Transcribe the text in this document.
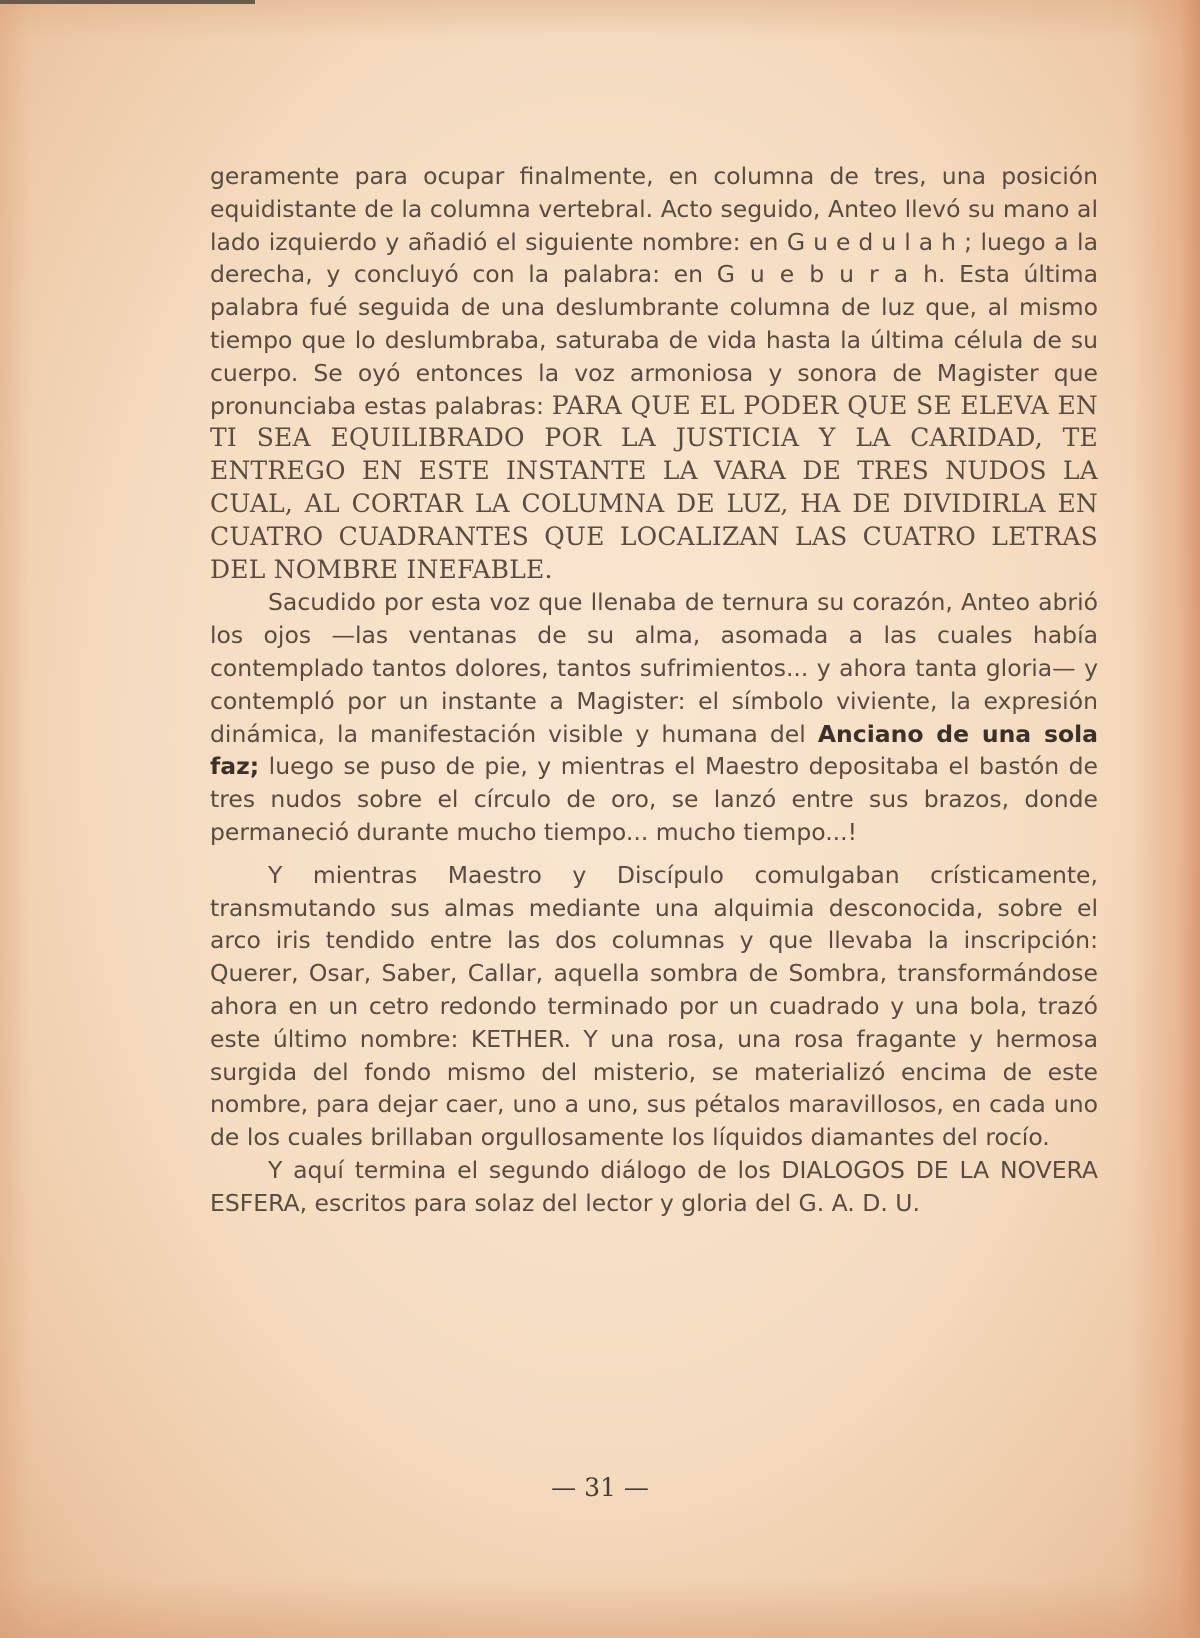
geramente para ocupar finalmente, en columna de tres, una posición equidistante de la columna vertebral. Acto seguido, Anteo llevó su mano al lado izquierdo y añadió el siguiente nombre: en Guedulah; luego a la derecha, y concluyó con la palabra: en Gueburah. Esta última palabra fué seguida de una deslumbrante columna de luz que, al mismo tiempo que lo deslumbraba, saturaba de vida hasta la última célula de su cuerpo. Se oyó entonces la voz armoniosa y sonora de Magister que pronunciaba estas palabras: PARA QUE EL PODER QUE SE ELEVA EN TI SEA EQUILIBRADO POR LA JUSTICIA Y LA CARIDAD, TE ENTREGO EN ESTE INSTANTE LA VARA DE TRES NUDOS LA CUAL, AL CORTAR LA COLUMNA DE LUZ, HA DE DIVIDIRLA EN CUATRO CUADRANTES QUE LOCALIZAN LAS CUATRO LETRAS DEL NOMBRE INEFABLE.

Sacudido por esta voz que llenaba de ternura su corazón, Anteo abrió los ojos —las ventanas de su alma, asomada a las cuales había contemplado tantos dolores, tantos sufrimientos... y ahora tanta gloria— y contempló por un instante a Magister: el símbolo viviente, la expresión dinámica, la manifestación visible y humana del Anciano de una sola faz; luego se puso de pie, y mientras el Maestro depositaba el bastón de tres nudos sobre el círculo de oro, se lanzó entre sus brazos, donde permaneció durante mucho tiempo... mucho tiempo...!

Y mientras Maestro y Discípulo comulgaban crísticamente, transmutando sus almas mediante una alquimia desconocida, sobre el arco iris tendido entre las dos columnas y que llevaba la inscripción: Querer, Osar, Saber, Callar, aquella sombra de Sombra, transformándose ahora en un cetro redondo terminado por un cuadrado y una bola, trazó este último nombre: KETHER. Y una rosa, una rosa fragante y hermosa surgida del fondo mismo del misterio, se materializó encima de este nombre, para dejar caer, uno a uno, sus pétalos maravillosos, en cada uno de los cuales brillaban orgullosamente los líquidos diamantes del rocío.

Y aquí termina el segundo diálogo de los DIALOGOS DE LA NOVERA ESFERA, escritos para solaz del lector y gloria del G. A. D. U.

— 31 —
